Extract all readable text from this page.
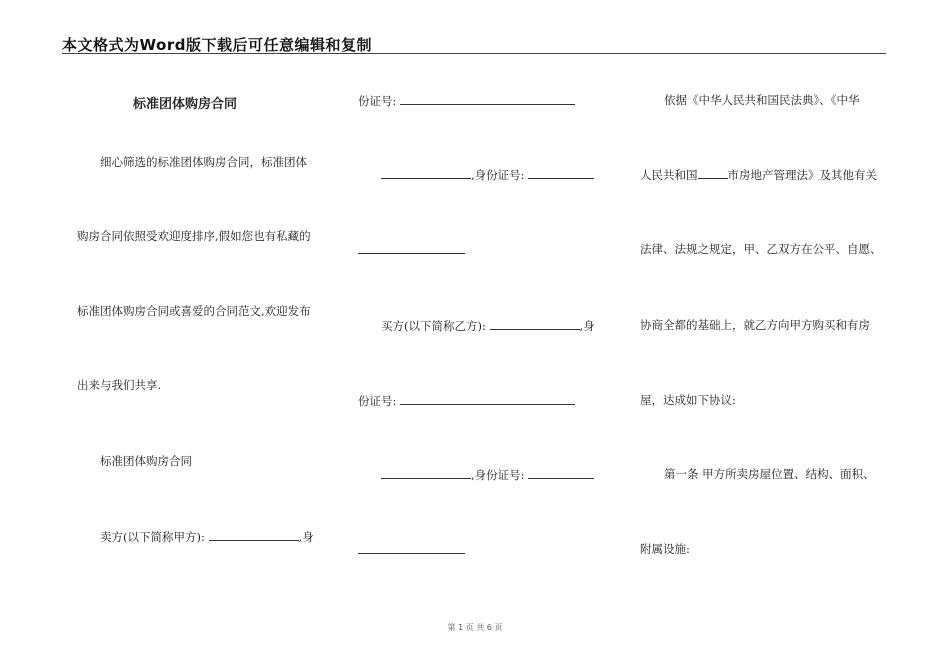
本文格式为Word版下载后可任意编辑和复制
标准团体购房合同
细心筛选的标准团体购房合同，标准团体
购房合同依照受欢迎度排序,假如您也有私藏的
标准团体购房合同或喜爱的合同范文,欢迎发布
出来与我们共享.
标准团体购房合同
卖方(以下简称甲方):	,身
份证号:
,身份证号:
买方(以下简称乙方):	,身
份证号:
,身份证号:
依据《中华人民共和国民法典》、《中华
人民共和国	市房地产管理法》及其他有关
法律、法规之规定，甲、乙双方在公平、自愿、
协商全都的基础上，就乙方向甲方购买和有房
屋，达成如下协议:
第一条 甲方所卖房屋位置、结构、面积、
附属设施:
第 1 页 共 6 页
